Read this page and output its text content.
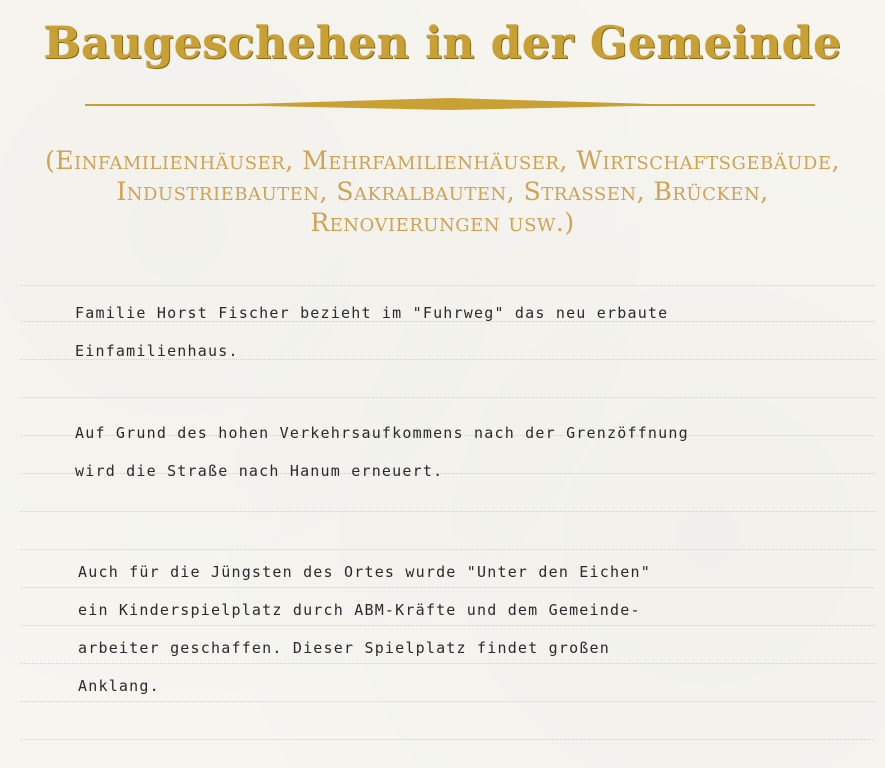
Baugeschehen in der Gemeinde
(Einfamilienhäuser, Mehrfamilienhäuser, Wirtschaftsgebäude,
Industriebauten, Sakralbauten, Strassen, Brücken,
Renovierungen usw.)
Familie Horst Fischer bezieht im "Fuhrweg" das neu erbaute
Einfamilienhaus.
Auf Grund des hohen Verkehrsaufkommens nach der Grenzöffnung
wird die Straße nach Hanum erneuert.
Auch für die Jüngsten des Ortes wurde "Unter den Eichen"
ein Kinderspielplatz durch ABM-Kräfte und dem Gemeinde-
arbeiter geschaffen. Dieser Spielplatz findet großen
Anklang.
